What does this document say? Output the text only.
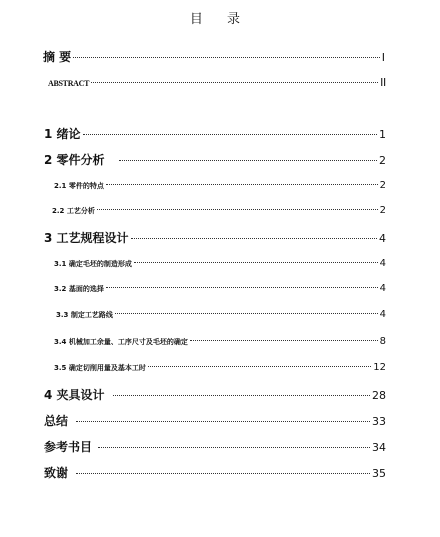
目 录
摘 要	I
ABSTRACT	II
1 绪论	1
2 零件分析	2
2.1 零件的特点	2
2.2 工艺分析	2
3 工艺规程设计	4
3.1 确定毛坯的制造形成	4
3.2 基面的选择	4
3.3 制定工艺路线	4
3.4 机械加工余量、工序尺寸及毛坯的确定	8
3.5 确定切削用量及基本工时	12
4 夹具设计	28
总结	33
参考书目	34
致谢	35
